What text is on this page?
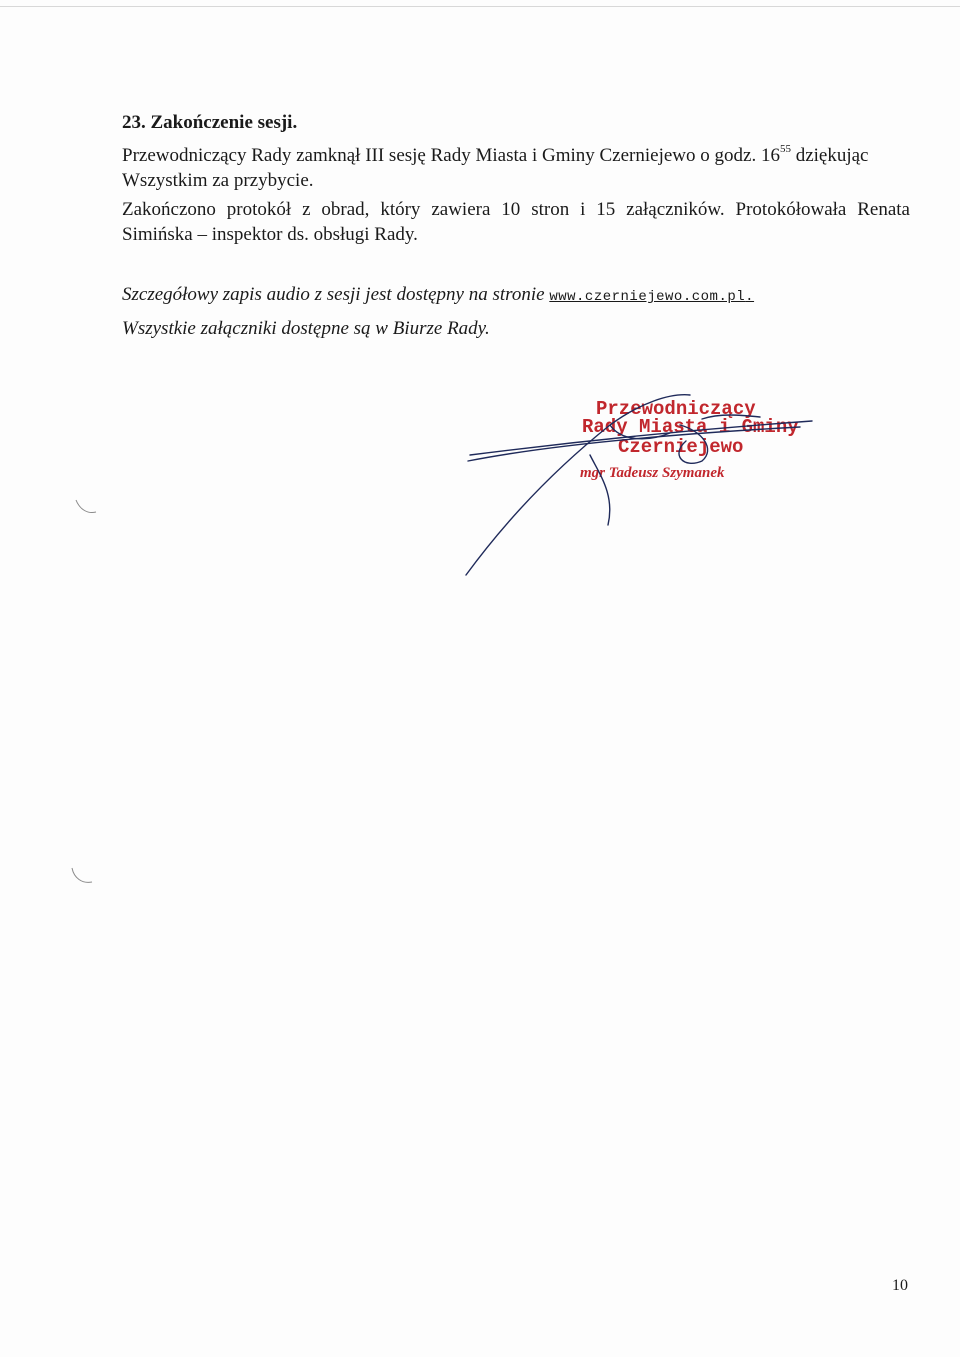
23. Zakończenie sesji.
Przewodniczący Rady zamknął III sesję Rady Miasta i Gminy Czerniejewo o godz. $16^{55}$ dziękując
Wszystkim za przybycie.
Zakończono protokół z obrad, który zawiera 10 stron i 15 załączników. Protokółowała Renata
Simińska – inspektor ds. obsługi Rady.
Szczegółowy zapis audio z sesji jest dostępny na stronie www.czerniejewo.com.pl.
Wszystkie załączniki dostępne są w Biurze Rady.
Przewodniczący
Rady Miasta i Gminy
Czerniejewo
mgr Tadeusz Szymanek
10
